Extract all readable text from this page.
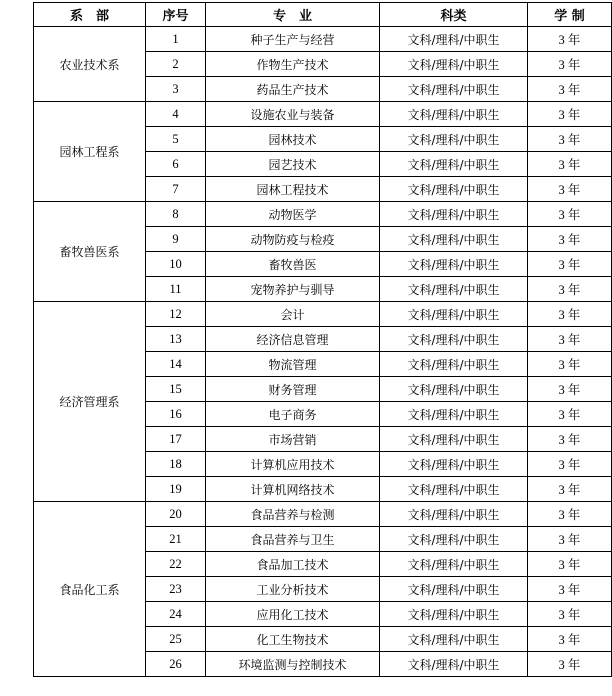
系　部	序号	专　业	科类	学 制
农业技术系	1	种子生产与经营	文科/理科/中职生	3 年
	2	作物生产技术	文科/理科/中职生	3 年
	3	药品生产技术	文科/理科/中职生	3 年
园林工程系	4	设施农业与装备	文科/理科/中职生	3 年
	5	园林技术	文科/理科/中职生	3 年
	6	园艺技术	文科/理科/中职生	3 年
	7	园林工程技术	文科/理科/中职生	3 年
畜牧兽医系	8	动物医学	文科/理科/中职生	3 年
	9	动物防疫与检疫	文科/理科/中职生	3 年
	10	畜牧兽医	文科/理科/中职生	3 年
	11	宠物养护与驯导	文科/理科/中职生	3 年
经济管理系	12	会计	文科/理科/中职生	3 年
	13	经济信息管理	文科/理科/中职生	3 年
	14	物流管理	文科/理科/中职生	3 年
	15	财务管理	文科/理科/中职生	3 年
	16	电子商务	文科/理科/中职生	3 年
	17	市场营销	文科/理科/中职生	3 年
	18	计算机应用技术	文科/理科/中职生	3 年
	19	计算机网络技术	文科/理科/中职生	3 年
食品化工系	20	食品营养与检测	文科/理科/中职生	3 年
	21	食品营养与卫生	文科/理科/中职生	3 年
	22	食品加工技术	文科/理科/中职生	3 年
	23	工业分析技术	文科/理科/中职生	3 年
	24	应用化工技术	文科/理科/中职生	3 年
	25	化工生物技术	文科/理科/中职生	3 年
	26	环境监测与控制技术	文科/理科/中职生	3 年
